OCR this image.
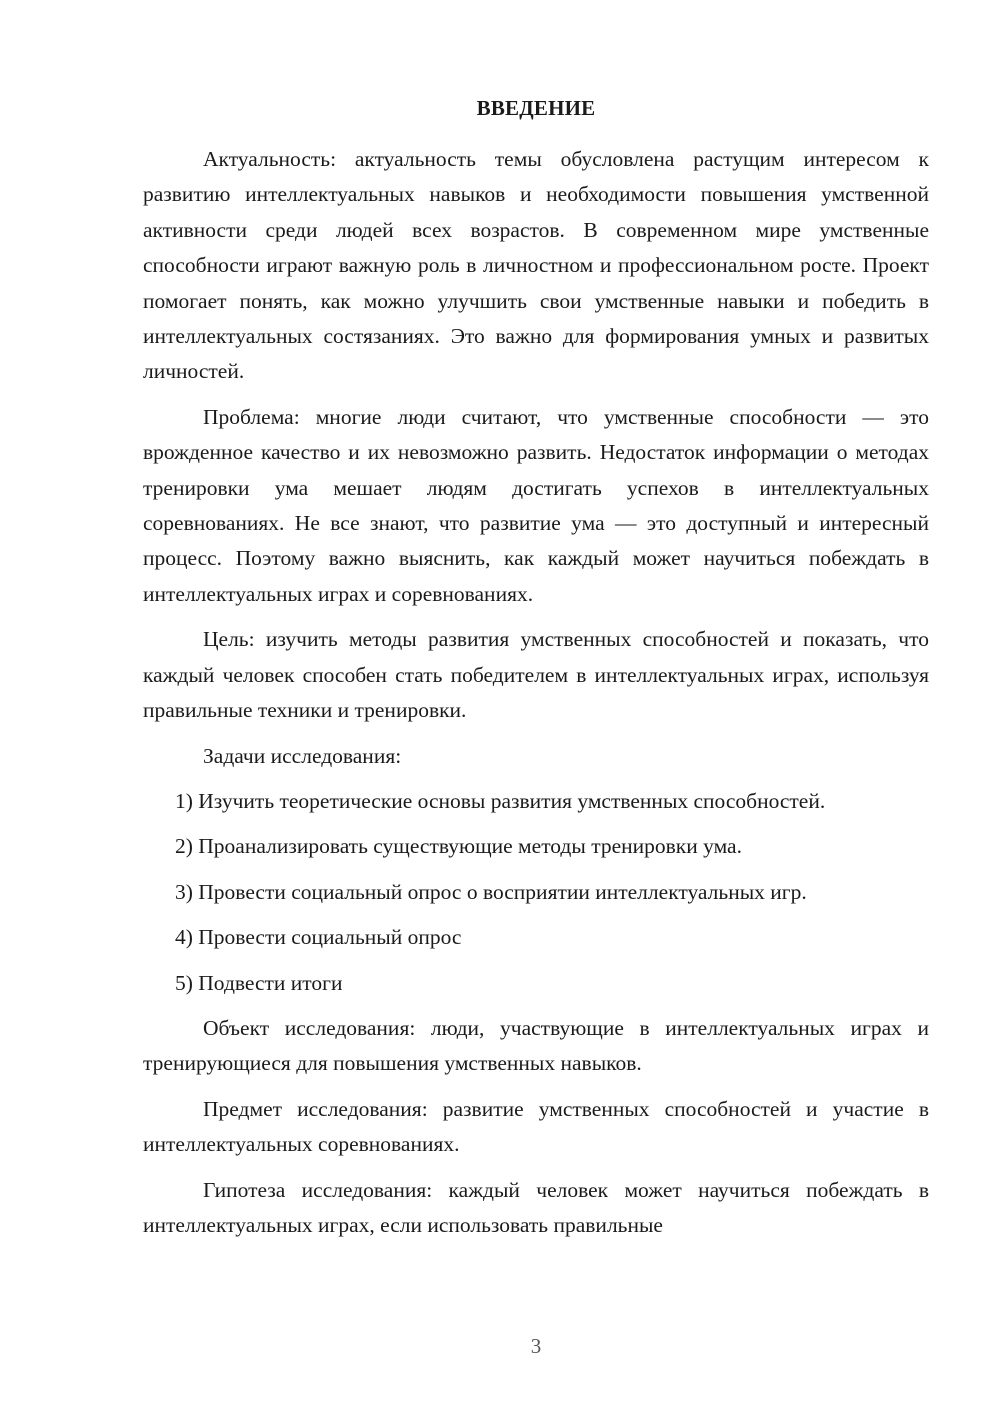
ВВЕДЕНИЕ

Актуальность: актуальность темы обусловлена растущим интересом к развитию интеллектуальных навыков и необходимости повышения умственной активности среди людей всех возрастов. В современном мире умственные способности играют важную роль в личностном и профессиональном росте. Проект помогает понять, как можно улучшить свои умственные навыки и победить в интеллектуальных состязаниях. Это важно для формирования умных и развитых личностей.

Проблема: многие люди считают, что умственные способности — это врожденное качество и их невозможно развить. Недостаток информации о методах тренировки ума мешает людям достигать успехов в интеллектуальных соревнованиях. Не все знают, что развитие ума — это доступный и интересный процесс. Поэтому важно выяснить, как каждый может научиться побеждать в интеллектуальных играх и соревнованиях.

Цель: изучить методы развития умственных способностей и показать, что каждый человек способен стать победителем в интеллектуальных играх, используя правильные техники и тренировки.

Задачи исследования:

1) Изучить теоретические основы развития умственных способностей.

2) Проанализировать существующие методы тренировки ума.

3) Провести социальный опрос о восприятии интеллектуальных игр.

4) Провести социальный опрос

5) Подвести итоги

Объект исследования: люди, участвующие в интеллектуальных играх и тренирующиеся для повышения умственных навыков.

Предмет исследования: развитие умственных способностей и участие в интеллектуальных соревнованиях.

Гипотеза исследования: каждый человек может научиться побеждать в интеллектуальных играх, если использовать правильные

3
